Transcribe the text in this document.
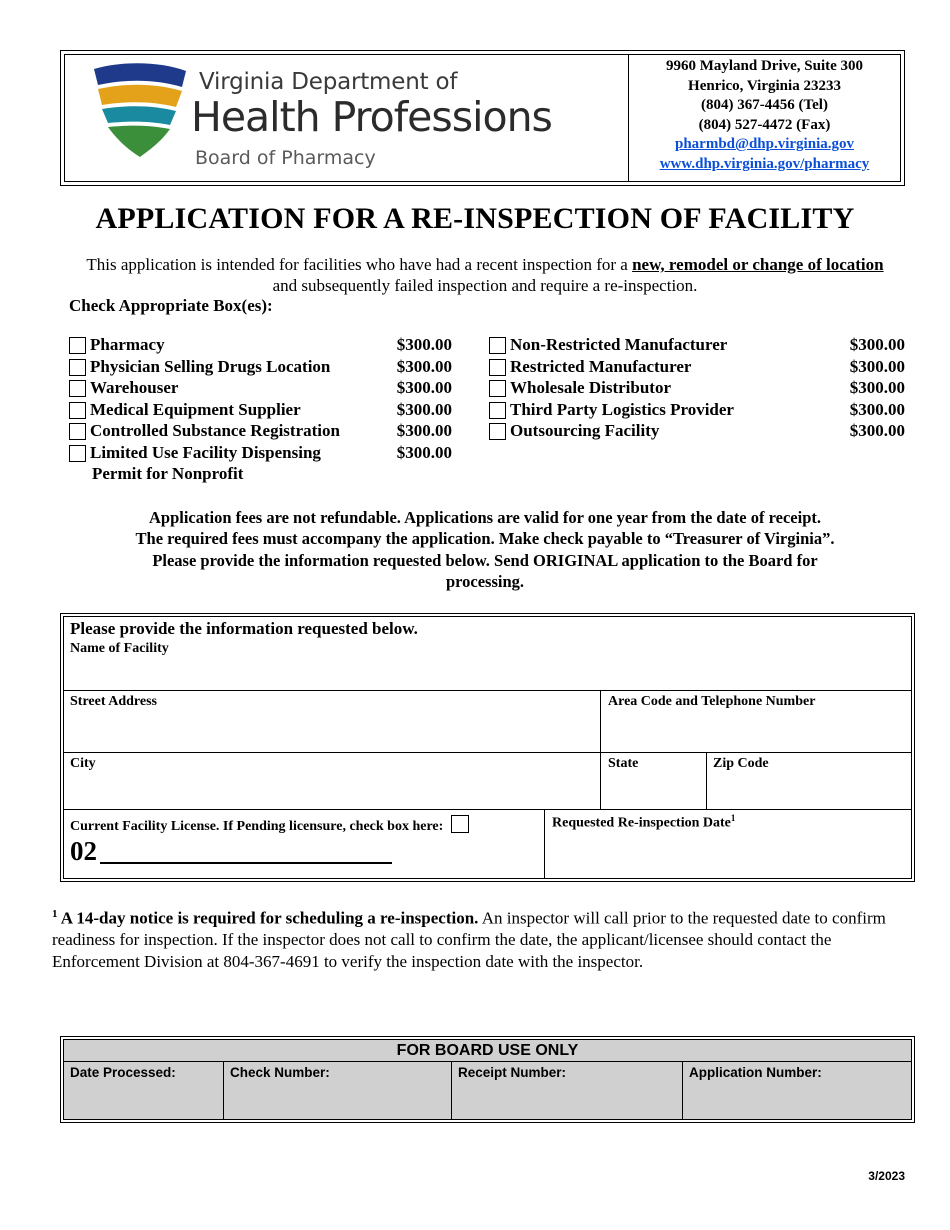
Virginia Department of
Health Professions
Board of Pharmacy
9960 Mayland Drive, Suite 300
Henrico, Virginia 23233
(804) 367-4456 (Tel)
(804) 527-4472 (Fax)
pharmbd@dhp.virginia.gov
www.dhp.virginia.gov/pharmacy
APPLICATION FOR A RE-INSPECTION OF FACILITY
This application is intended for facilities who have had a recent inspection for a new, remodel or change of location and subsequently failed inspection and require a re-inspection.
Check Appropriate Box(es):
Pharmacy	$300.00
Physician Selling Drugs Location	$300.00
Warehouser	$300.00
Medical Equipment Supplier	$300.00
Controlled Substance Registration	$300.00
Limited Use Facility Dispensing	$300.00
Permit for Nonprofit
Non-Restricted Manufacturer	$300.00
Restricted Manufacturer	$300.00
Wholesale Distributor	$300.00
Third Party Logistics Provider	$300.00
Outsourcing Facility	$300.00
Application fees are not refundable. Applications are valid for one year from the date of receipt.
The required fees must accompany the application. Make check payable to “Treasurer of Virginia”.
Please provide the information requested below. Send ORIGINAL application to the Board for
processing.
Please provide the information requested below.
Name of Facility
Street Address	Area Code and Telephone Number
City	State	Zip Code
Current Facility License. If Pending licensure, check box here:
02
Requested Re-inspection Date$^1$
$^1$ A 14-day notice is required for scheduling a re-inspection. An inspector will call prior to the requested date to confirm readiness for inspection. If the inspector does not call to confirm the date, the applicant/licensee should contact the Enforcement Division at 804-367-4691 to verify the inspection date with the inspector.
FOR BOARD USE ONLY
Date Processed:	Check Number:	Receipt Number:	Application Number:
3/2023
